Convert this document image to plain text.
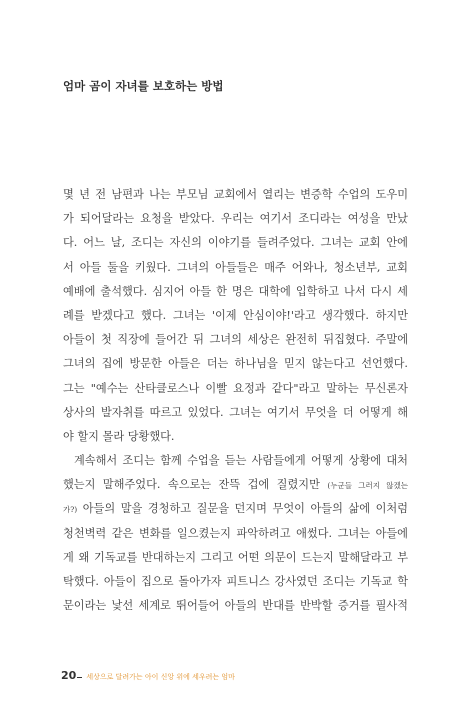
엄마 곰이 자녀를 보호하는 방법
몇 년 전 남편과 나는 부모님 교회에서 열리는 변증학 수업의 도우미
가 되어달라는 요청을 받았다. 우리는 여기서 조디라는 여성을 만났
다. 어느 날, 조디는 자신의 이야기를 들려주었다. 그녀는 교회 안에
서 아들 둘을 키웠다. 그녀의 아들들은 매주 어와나, 청소년부, 교회
예배에 출석했다. 심지어 아들 한 명은 대학에 입학하고 나서 다시 세
례를 받겠다고 했다. 그녀는 '이제 안심이야!'라고 생각했다. 하지만
아들이 첫 직장에 들어간 뒤 그녀의 세상은 완전히 뒤집혔다. 주말에
그녀의 집에 방문한 아들은 더는 하나님을 믿지 않는다고 선언했다.
그는 "예수는 산타클로스나 이빨 요정과 같다"라고 말하는 무신론자
상사의 발자취를 따르고 있었다. 그녀는 여기서 무엇을 더 어떻게 해
야 할지 몰라 당황했다.
계속해서 조디는 함께 수업을 듣는 사람들에게 어떻게 상황에 대처
했는지 말해주었다. 속으로는 잔뜩 겁에 질렸지만 (누군들 그러지 않겠는
가?) 아들의 말을 경청하고 질문을 던지며 무엇이 아들의 삶에 이처럼
청천벽력 같은 변화를 일으켰는지 파악하려고 애썼다. 그녀는 아들에
게 왜 기독교를 반대하는지 그리고 어떤 의문이 드는지 말해달라고 부
탁했다. 아들이 집으로 돌아가자 피트니스 강사였던 조디는 기독교 학
문이라는 낯선 세계로 뛰어들어 아들의 반대를 반박할 증거를 필사적
20 세상으로 달려가는 아이 신앙 위에 세우려는 엄마
